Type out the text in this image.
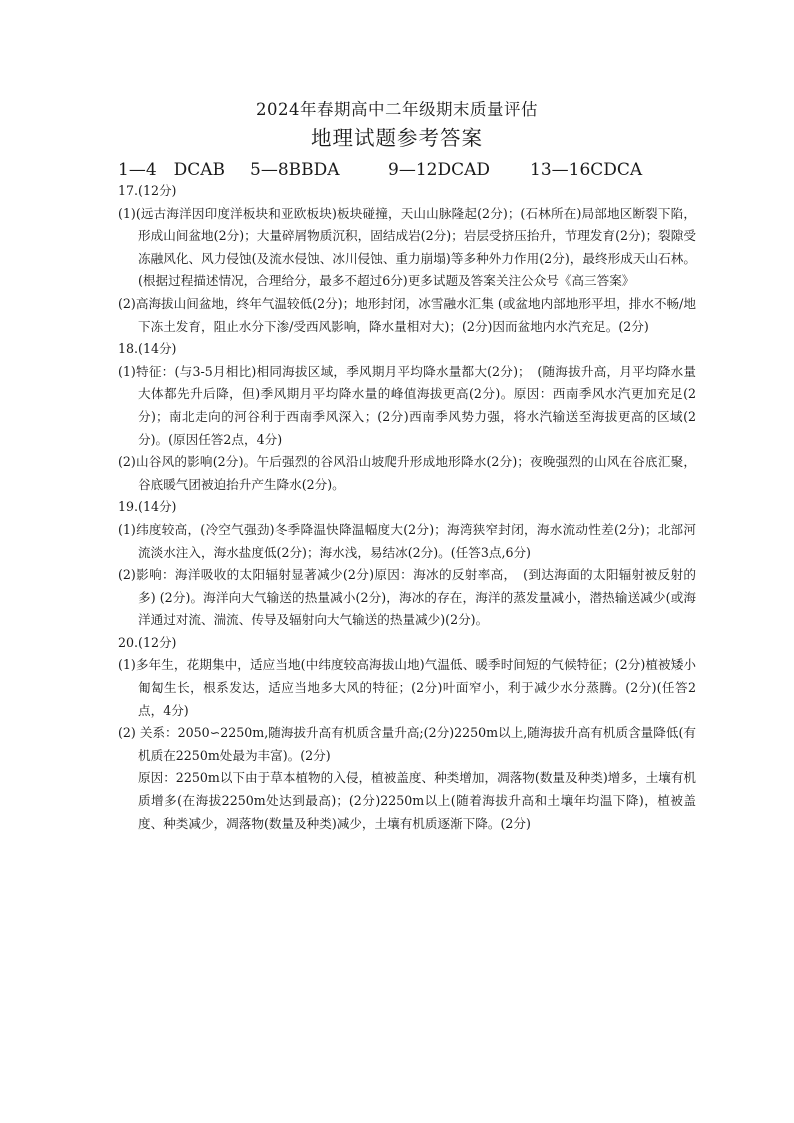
2024年春期高中二年级期末质量评估
地理试题参考答案
1—4　DCAB 5—8BBDA	9—12DCAD 13—16CDCA

17.(12分)

(1)(远古海洋因印度洋板块和亚欧板块)板块碰撞，天山山脉隆起(2分)；(石林所在)局部地区断裂下陷，形成山间盆地(2分)；大量碎屑物质沉积，固结成岩(2分)；岩层受挤压抬升，节理发育(2分)；裂隙受冻融风化、风力侵蚀(及流水侵蚀、冰川侵蚀、重力崩塌)等多种外力作用(2分)，最终形成天山石林。(根据过程描述情况，合理给分，最多不超过6分)更多试题及答案关注公众号《高三答案》

(2)高海拔山间盆地，终年气温较低(2分)；地形封闭，冰雪融水汇集 (或盆地内部地形平坦，排水不畅/地下冻土发育，阻止水分下渗/受西风影响，降水量相对大)；(2分)因而盆地内水汽充足。(2分)

18.(14分)

(1)特征：(与3-5月相比)相同海拔区域，季风期月平均降水量都大(2分)；　(随海拔升高，月平均降水量大体都先升后降，但)季风期月平均降水量的峰值海拔更高(2分)。原因：西南季风水汽更加充足(2分)；南北走向的河谷利于西南季风深入；(2分)西南季风势力强，将水汽输送至海拔更高的区域(2分)。(原因任答2点，4分)

(2)山谷风的影响(2分)。午后强烈的谷风沿山坡爬升形成地形降水(2分)；夜晚强烈的山风在谷底汇聚，谷底暖气团被迫抬升产生降水(2分)。

19.(14分)

(1)纬度较高，(冷空气强劲)冬季降温快降温幅度大(2分)；海湾狭窄封闭，海水流动性差(2分)；北部河流淡水注入，海水盐度低(2分)；海水浅，易结冰(2分)。(任答3点,6分)

(2)影响：海洋吸收的太阳辐射显著减少(2分)原因：海冰的反射率高，　(到达海面的太阳辐射被反射的多) (2分)。海洋向大气输送的热量减小(2分)，海冰的存在，海洋的蒸发量减小，潜热输送减少(或海洋通过对流、湍流、传导及辐射向大气输送的热量减少)(2分)。

20.(12分)

(1)多年生，花期集中，适应当地(中纬度较高海拔山地)气温低、暖季时间短的气候特征；(2分)植被矮小匍匐生长，根系发达，适应当地多大风的特征；(2分)叶面窄小，利于减少水分蒸腾。(2分)(任答2点，4分)

(2) 关系：2050∽2250m,随海拔升高有机质含量升高;(2分)2250m以上,随海拔升高有机质含量降低(有机质在2250m处最为丰富)。(2分)

原因：2250m以下由于草本植物的入侵，植被盖度、种类增加，凋落物(数量及种类)增多，土壤有机质增多(在海拔2250m处达到最高)；(2分)2250m以上(随着海拔升高和土壤年均温下降)，植被盖度、种类减少，凋落物(数量及种类)减少，土壤有机质逐渐下降。(2分)
